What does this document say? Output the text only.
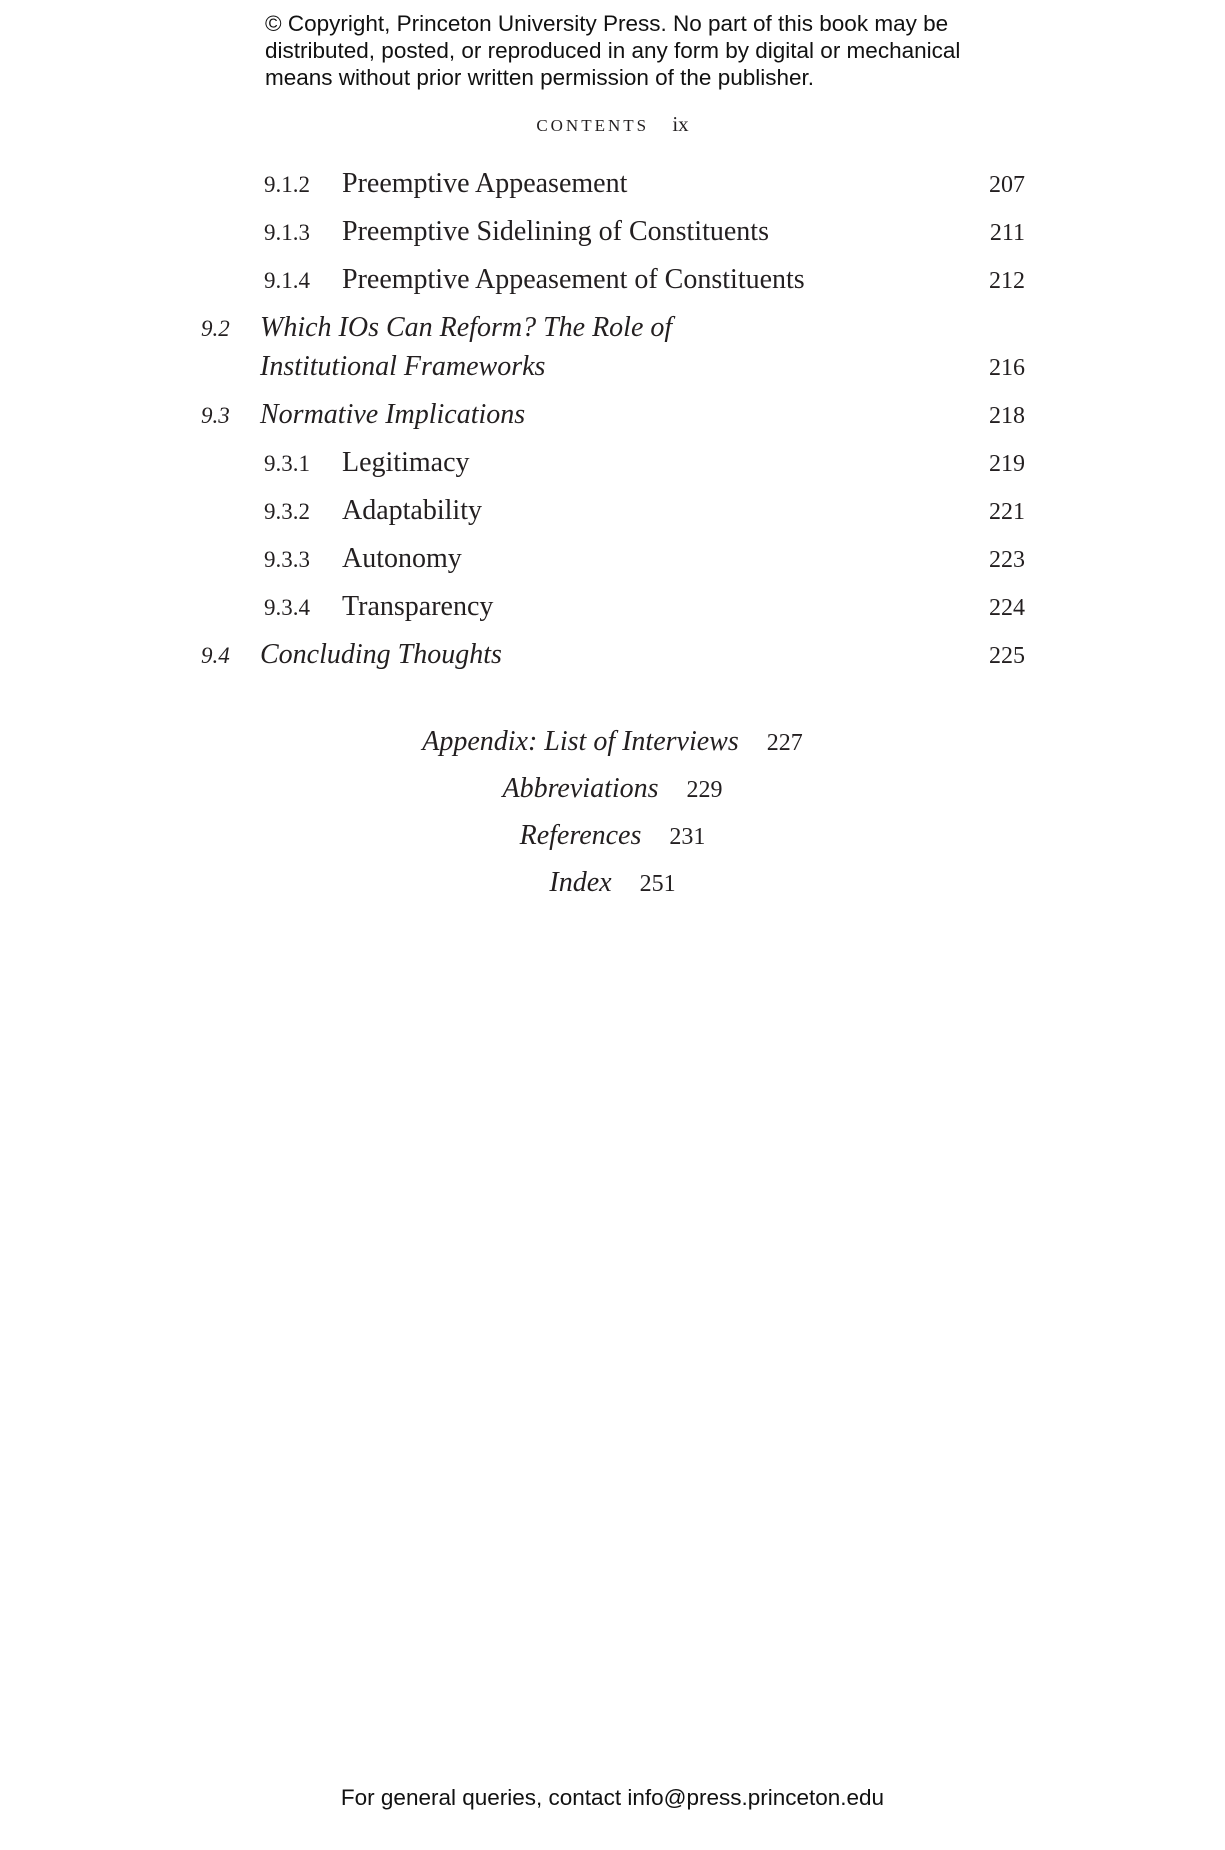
© Copyright, Princeton University Press. No part of this book may be
distributed, posted, or reproduced in any form by digital or mechanical
means without prior written permission of the publisher.
CONTENTS ix
9.1.2 Preemptive Appeasement	207
9.1.3 Preemptive Sidelining of Constituents	211
9.1.4 Preemptive Appeasement of Constituents	212
9.2 Which IOs Can Reform? The Role of
Institutional Frameworks	216
9.3 Normative Implications	218
9.3.1 Legitimacy	219
9.3.2 Adaptability	221
9.3.3 Autonomy	223
9.3.4 Transparency	224
9.4 Concluding Thoughts	225
Appendix: List of Interviews 227
Abbreviations 229
References 231
Index 251
For general queries, contact info@press.princeton.edu
